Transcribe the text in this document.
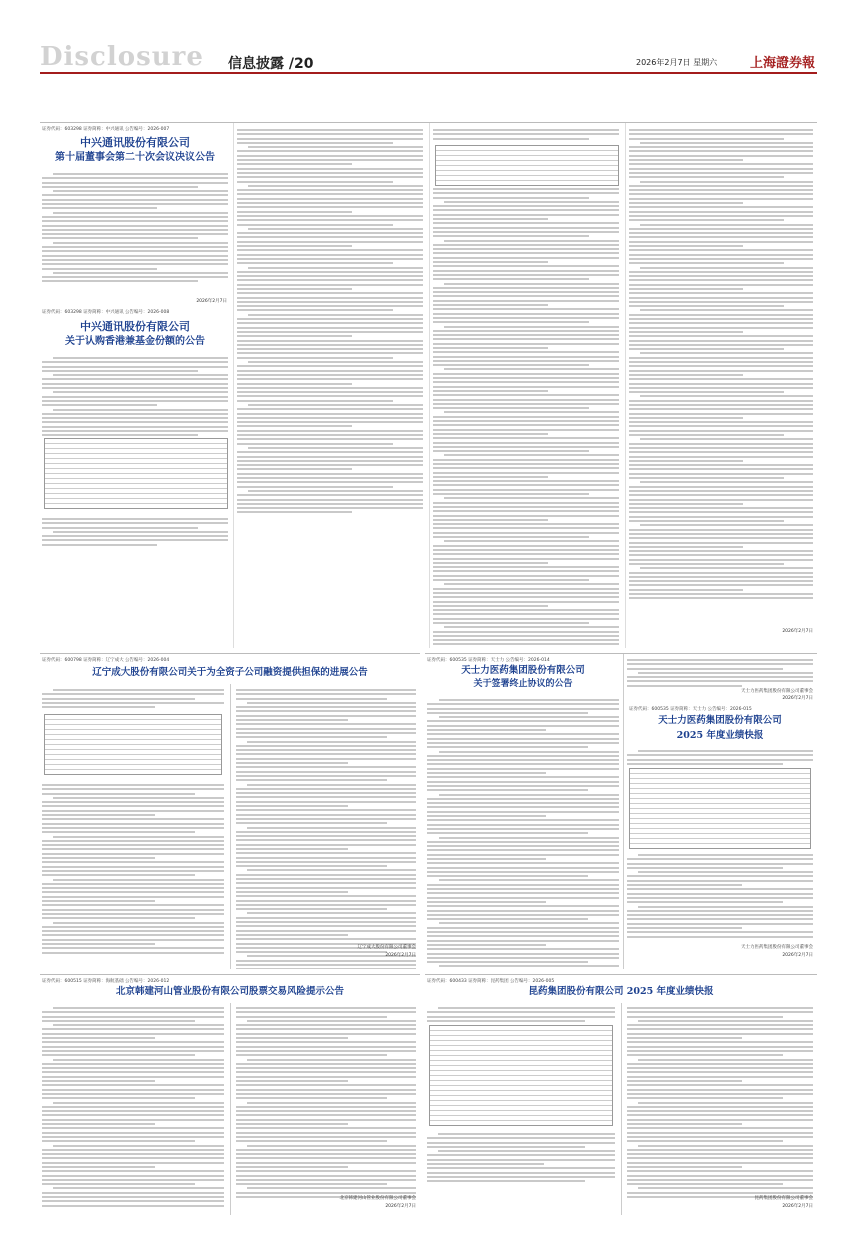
Disclosure 信息披露 /20	2026年2月7日 星期六	上海證券報
证券代码：603298 证券简称：中兴通讯 公告编号：2026-007
中兴通讯股份有限公司
第十届董事会第二十次会议决议公告
2026年2月7日
证券代码：603298 证券简称：中兴通讯 公告编号：2026-008
中兴通讯股份有限公司
关于认购香港兼基金份额的公告
2026年2月7日
证券代码：600798 证券简称：辽宁成大 公告编号：2026-004
辽宁成大股份有限公司关于为全资子公司融资提供担保的进展公告
辽宁成大股份有限公司董事会
2026年2月7日
证券代码：600535 证券简称：天士力 公告编号：2026-014
天士力医药集团股份有限公司
关于签署终止协议的公告
天士力医药集团股份有限公司董事会
2026年2月7日
证券代码：600535 证券简称：天士力 公告编号：2026-015
天士力医药集团股份有限公司
2025 年度业绩快报
天士力医药集团股份有限公司董事会
2026年2月7日
证券代码：600515 证券简称：海航基础 公告编号：2026-012
北京韩建河山管业股份有限公司股票交易风险提示公告
北京韩建河山管业股份有限公司董事会
2026年2月7日
证券代码：600433 证券简称：昆药集团 公告编号：2026-005
昆药集团股份有限公司 2025 年度业绩快报
昆药集团股份有限公司董事会
2026年2月7日
